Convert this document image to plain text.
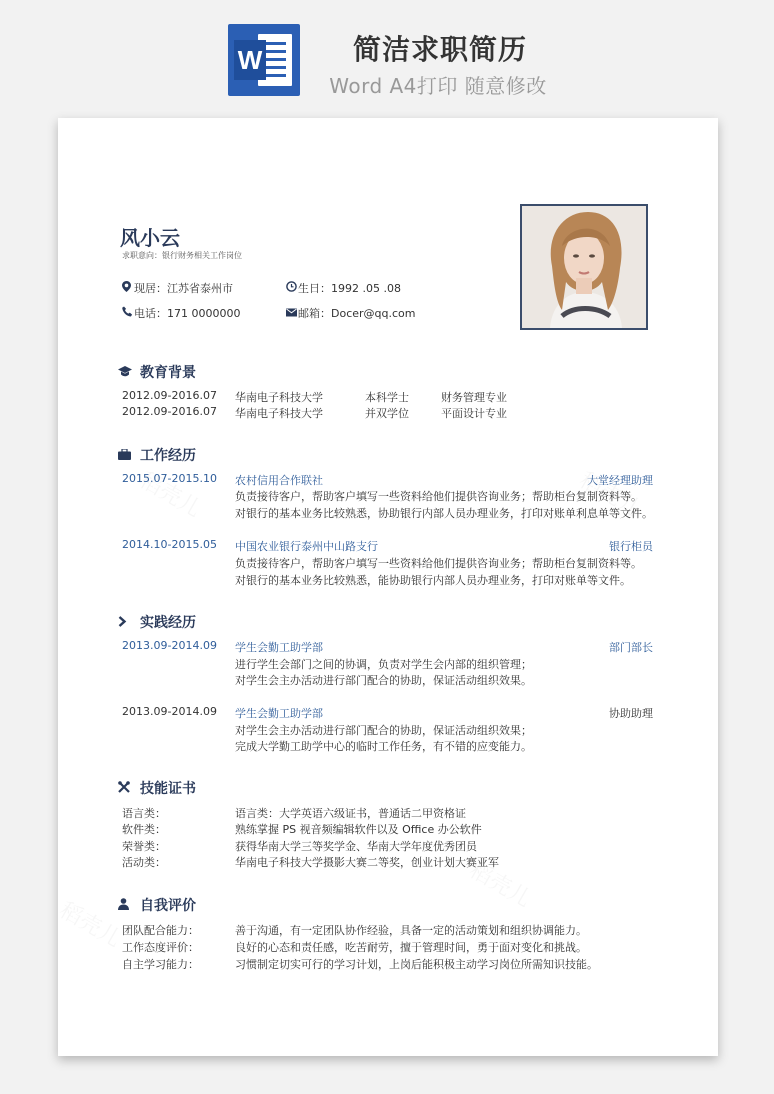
W	简洁求职简历
Word A4打印 随意修改
风小云
求职意向：银行财务相关工作岗位
现居：江苏省泰州市	生日：1992 .05 .08
电话：171 0000000	邮箱：Docer@qq.com
教育背景
2012.09-2016.07 华南电子科技大学	本科学士	财务管理专业
2012.09-2016.07 华南电子科技大学	并双学位	平面设计专业
工作经历
2015.07-2015.10 农村信用合作联社	大堂经理助理
负责接待客户，帮助客户填写一些资料给他们提供咨询业务；帮助柜台复制资料等。
对银行的基本业务比较熟悉，协助银行内部人员办理业务，打印对账单利息单等文件。
2014.10-2015.05 中国农业银行泰州中山路支行	银行柜员
负责接待客户，帮助客户填写一些资料给他们提供咨询业务；帮助柜台复制资料等。
对银行的基本业务比较熟悉，能协助银行内部人员办理业务，打印对账单等文件。
实践经历
2013.09-2014.09 学生会勤工助学部	部门部长
进行学生会部门之间的协调，负责对学生会内部的组织管理；
对学生会主办活动进行部门配合的协助，保证活动组织效果。
2013.09-2014.09 学生会勤工助学部	协助助理
对学生会主办活动进行部门配合的协助，保证活动组织效果；
完成大学勤工助学中心的临时工作任务，有不错的应变能力。
技能证书
语言类：	语言类：大学英语六级证书，普通话二甲资格证
软件类：	熟练掌握 PS 视音频编辑软件以及 Office 办公软件
荣誉类：	获得华南大学三等奖学金、华南大学年度优秀团员
活动类：	华南电子科技大学摄影大赛二等奖，创业计划大赛亚军
自我评价
团队配合能力：	善于沟通，有一定团队协作经验，具备一定的活动策划和组织协调能力。
工作态度评价：	良好的心态和责任感，吃苦耐劳，擅于管理时间，勇于面对变化和挑战。
自主学习能力：	习惯制定切实可行的学习计划，上岗后能积极主动学习岗位所需知识技能。
